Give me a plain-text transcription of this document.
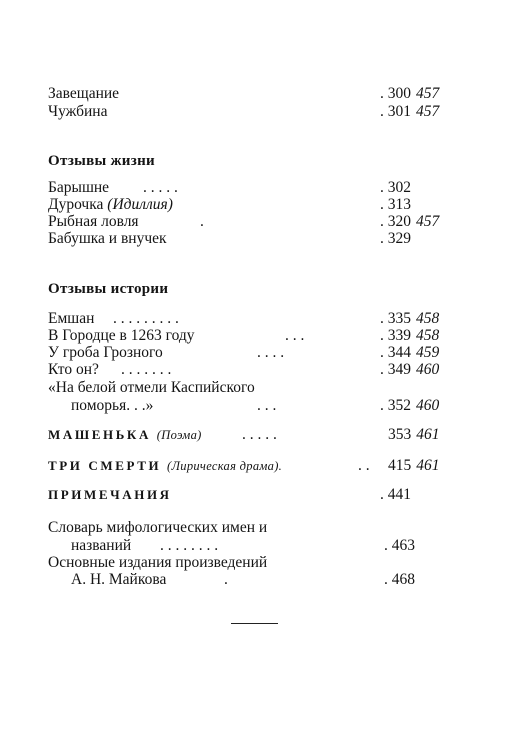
Завещание	. 300 457
Чужбина	. 301 457
Отзывы жизни
Барышне . . . . .	. 302
Дурочка (Идиллия)	. 313
Рыбная ловля	.	. 320 457
Бабушка и внучек	. 329
Отзывы истории
Емшан . . . . . . . . .	. 335 458
В Городце в 1263 году	. . .	. 339 458
У гроба Грозного	. . . .	. 344 459
Кто он? . . . . . . .	. 349 460
«На белой отмели Каспийского
поморья. . .»	. . .	. 352 460
МАШЕНЬКА (Поэма)	. . . . .	353 461
ТРИ СМЕРТИ (Лирическая драма).	. . 415 461
ПРИМЕЧАНИЯ	. 441
Словарь мифологических имен и
названий . . . . . . . .	. 463
Основные издания произведений
А. Н. Майкова	.	. 468
